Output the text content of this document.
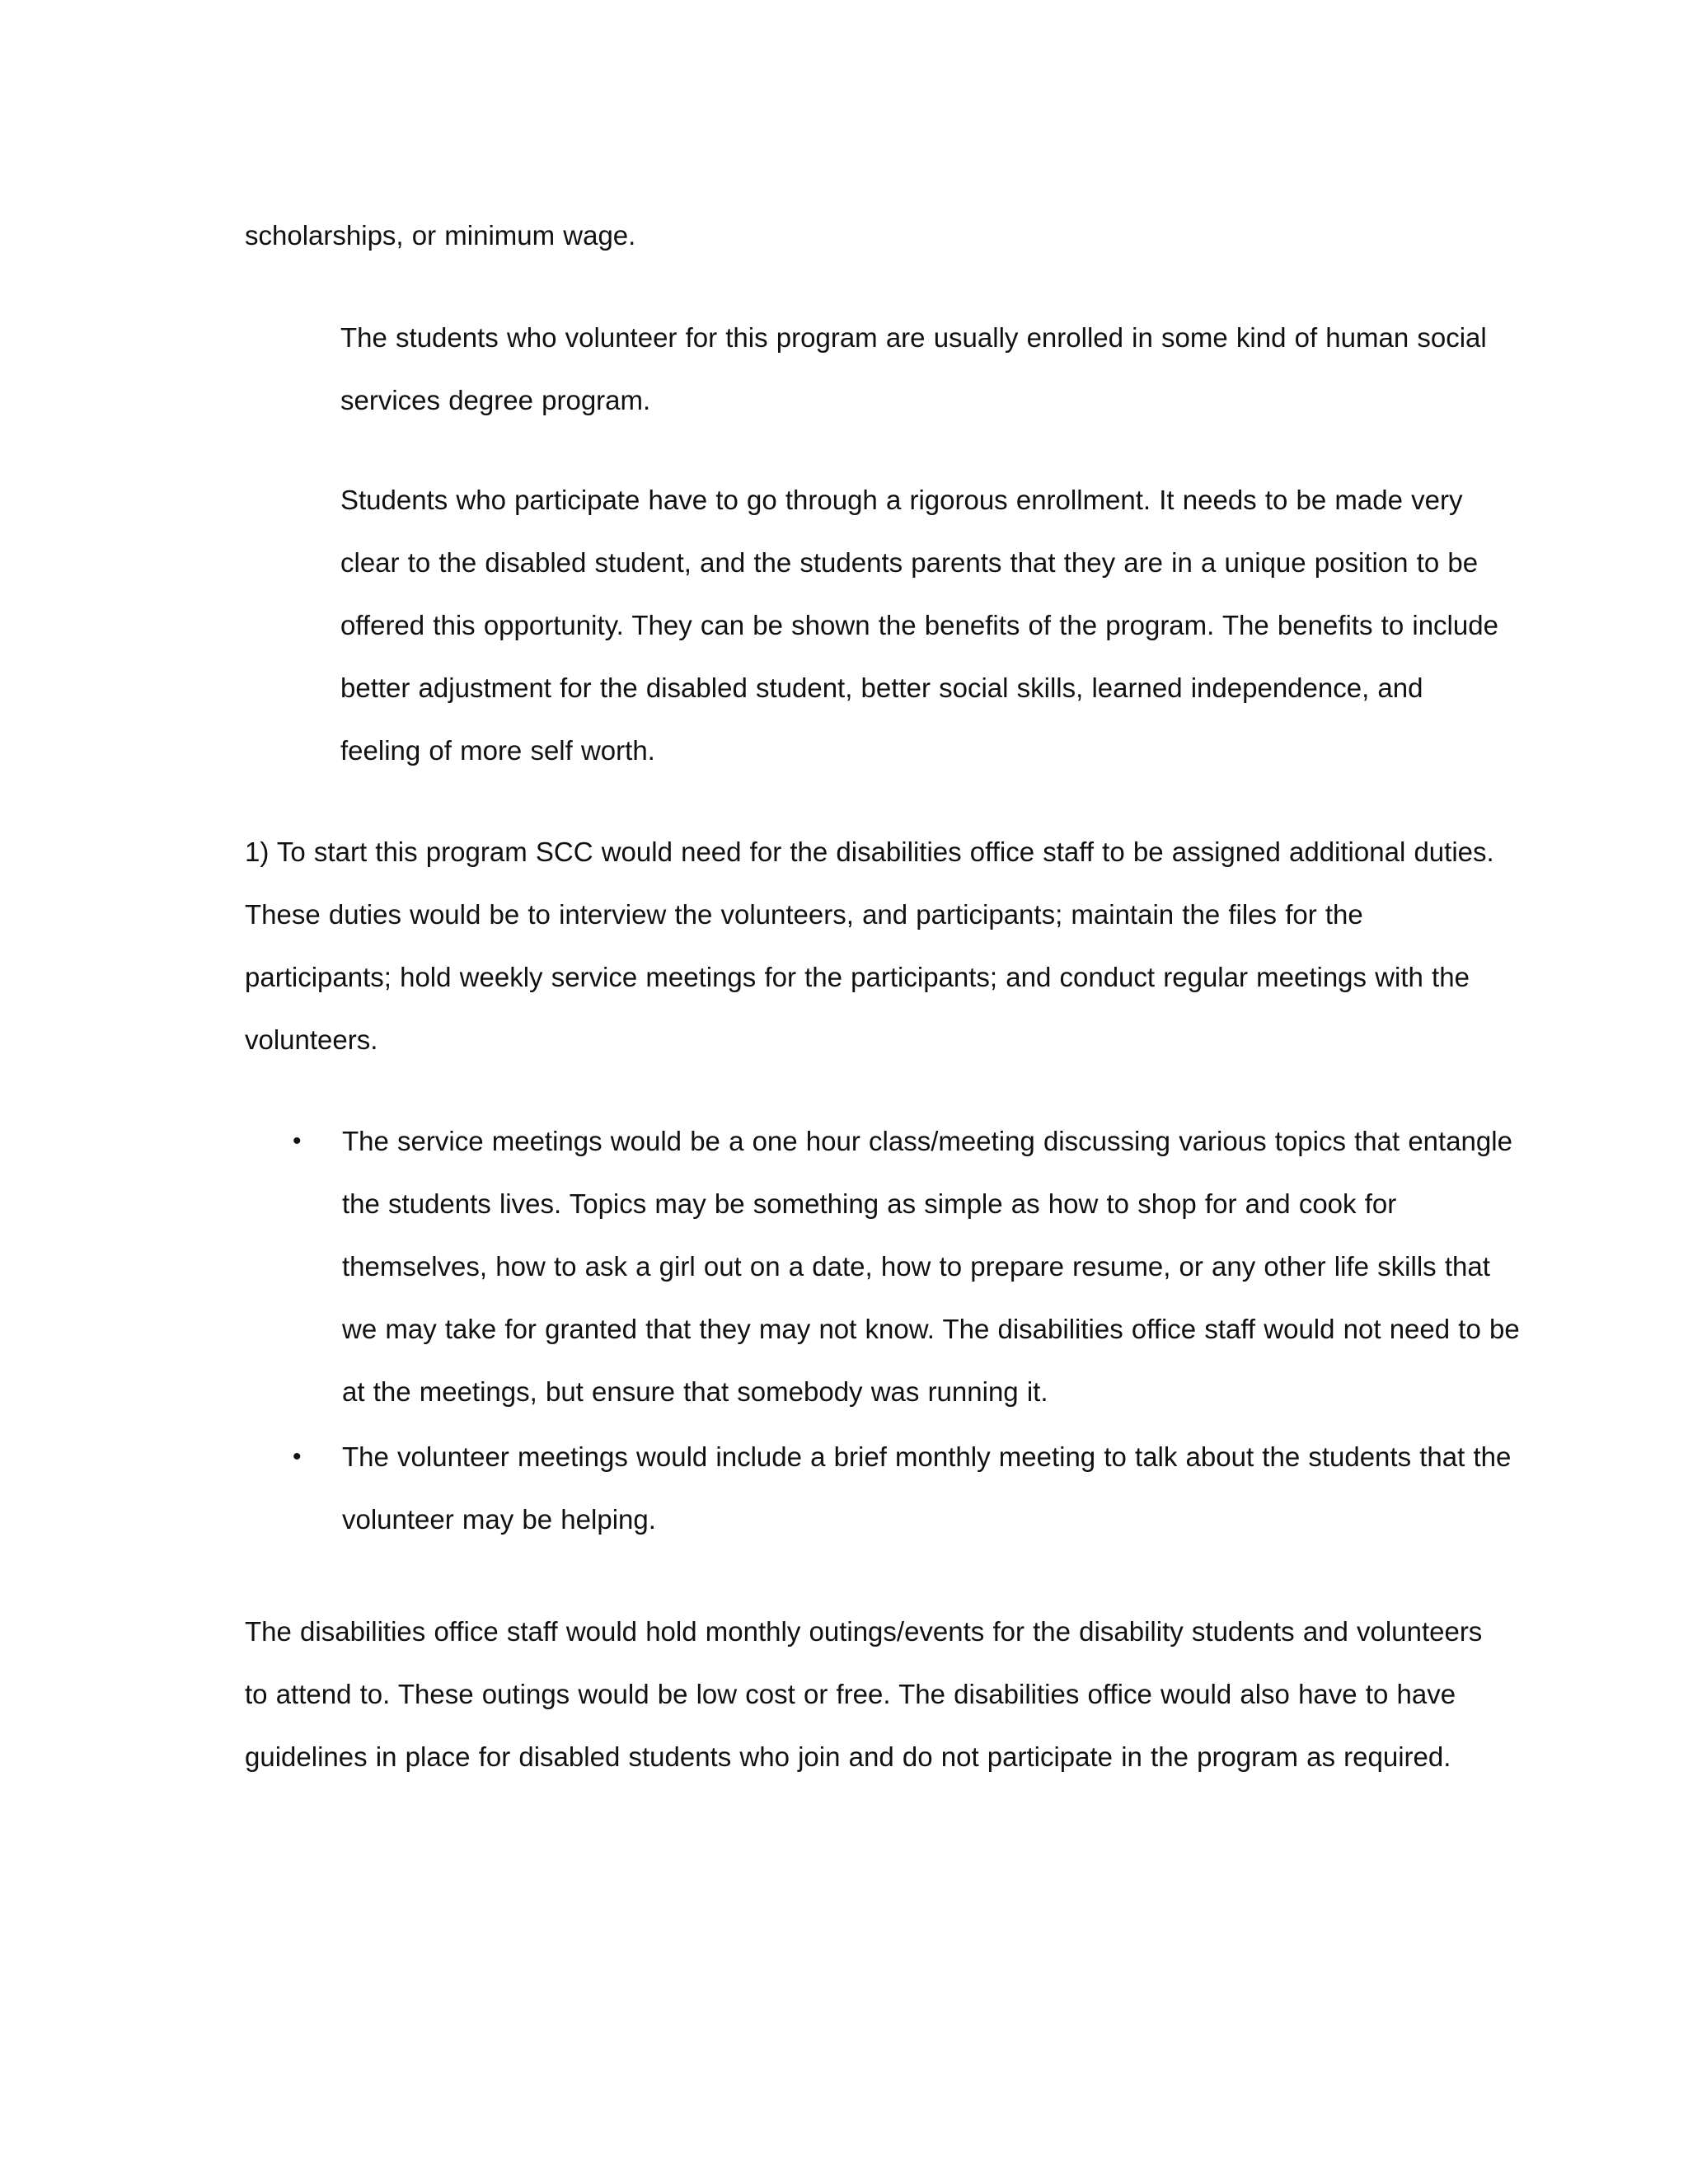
scholarships, or minimum wage.

The students who volunteer for this program are usually enrolled in some kind of human social services degree program.

Students who participate have to go through a rigorous enrollment. It needs to be made very clear to the disabled student, and the students parents that they are in a unique position to be offered this opportunity. They can be shown the benefits of the program. The benefits to include better adjustment for the disabled student, better social skills, learned independence, and feeling of more self worth.

1) To start this program SCC would need for the disabilities office staff to be assigned additional duties. These duties would be to interview the volunteers, and participants; maintain the files for the participants; hold weekly service meetings for the participants; and conduct regular meetings with the volunteers.

• The service meetings would be a one hour class/meeting discussing various topics that entangle the students lives. Topics may be something as simple as how to shop for and cook for themselves, how to ask a girl out on a date, how to prepare resume, or any other life skills that we may take for granted that they may not know. The disabilities office staff would not need to be at the meetings, but ensure that somebody was running it.
• The volunteer meetings would include a brief monthly meeting to talk about the students that the volunteer may be helping.

The disabilities office staff would hold monthly outings/events for the disability students and volunteers to attend to. These outings would be low cost or free. The disabilities office would also have to have guidelines in place for disabled students who join and do not participate in the program as required.
